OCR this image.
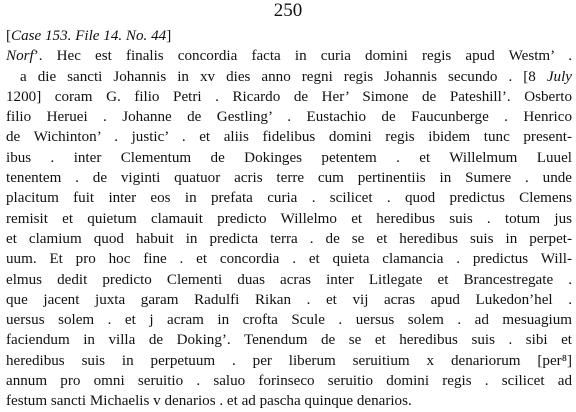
250
[Case 153. File 14. No. 44]
Norf’. Hec est finalis concordia facta in curia domini regis apud Westm’ .
a die sancti Johannis in xv dies anno regni regis Johannis secundo . [8 July
1200] coram G. filio Petri . Ricardo de Her’ Simone de Pateshill’. Osberto
filio Heruei . Johanne de Gestling’ . Eustachio de Faucunberge . Henrico
de Wichinton’ . justic’ . et aliis fidelibus domini regis ibidem tunc present-
ibus . inter Clementum de Dokinges petentem . et Willelmum Luuel
tenentem . de viginti quatuor acris terre cum pertinentiis in Sumere . unde
placitum fuit inter eos in prefata curia . scilicet . quod predictus Clemens
remisit et quietum clamauit predicto Willelmo et heredibus suis . totum jus
et clamium quod habuit in predicta terra . de se et heredibus suis in perpet-
uum. Et pro hoc fine . et concordia . et quieta clamancia . predictus Will-
elmus dedit predicto Clementi duas acras inter Litlegate et Brancestregate .
que jacent juxta garam Radulfi Rikan . et vij acras apud Lukedon’hel .
uersus solem . et j acram in crofta Scule . uersus solem . ad mesuagium
faciendum in villa de Doking’. Tenendum de se et heredibus suis . sibi et
heredibus suis in perpetuum . per liberum seruitium x denariorum [per⁸]
annum pro omni seruitio . saluo forinseco seruitio domini regis . scilicet ad
festum sancti Michaelis v denarios . et ad pascha quinque denarios.
